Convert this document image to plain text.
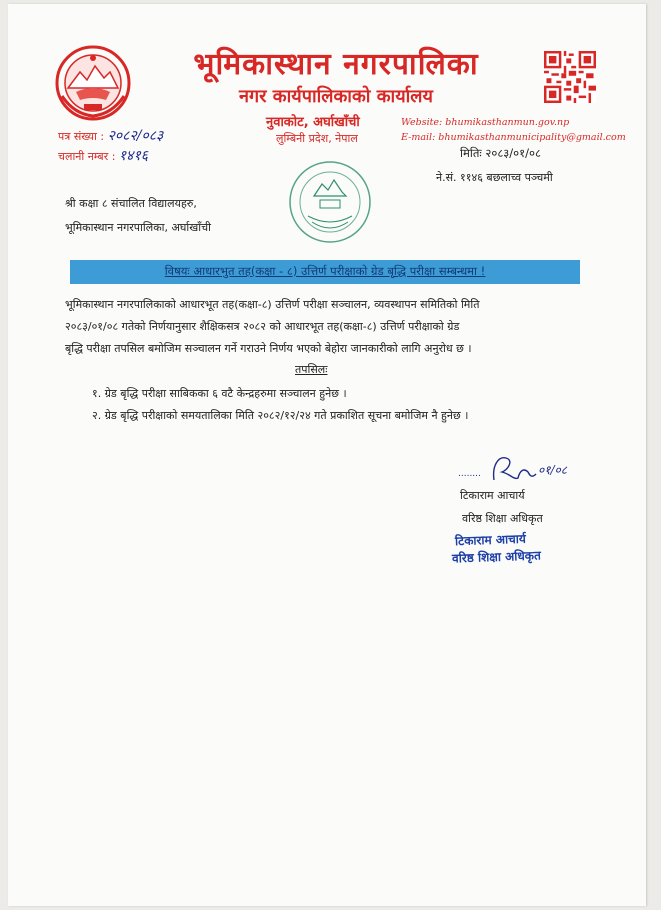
भूमिकास्थान नगरपालिका
नगर कार्यपालिकाको कार्यालय
नुवाकोट, अर्घाखाँची
लुम्बिनी प्रदेश, नेपाल
Website: bhumikasthanmun.gov.np
E-mail: bhumikasthanmunicipality@gmail.com
पत्र संख्या : २०८२/०८३
चलानी नम्बर : १४१६	मितिः २०८३/०१/०८
ने.सं. ११४६ बछलाच्व पञ्चमी
श्री कक्षा ८ संचालित विद्यालयहरु,
भूमिकास्थान नगरपालिका, अर्घाखाँची
विषयः आधारभुत तह(कक्षा - ८) उत्तिर्ण परीक्षाको ग्रेड बृद्धि परीक्षा सम्बन्धमा !
भूमिकास्थान नगरपालिकाको आधारभूत तह(कक्षा-८) उत्तिर्ण परीक्षा सञ्चालन, व्यवस्थापन समितिको मिति
२०८३/०१/०८ गतेको निर्णयानुसार शैक्षिकसत्र २०८२ को आधारभूत तह(कक्षा-८) उत्तिर्ण परीक्षाको ग्रेड
बृद्धि परीक्षा तपसिल बमोजिम सञ्चालन गर्ने गराउने निर्णय भएको बेहोरा जानकारीको लागि अनुरोध छ ।
तपसिलः
१. ग्रेड बृद्धि परीक्षा साबिकका ६ वटै केन्द्रहरुमा सञ्चालन हुनेछ ।
२. ग्रेड बृद्धि परीक्षाको समयतालिका मिति २०८२/१२/२४ गते प्रकाशित सूचना बमोजिम नै हुनेछ ।
........	०१/०८
टिकाराम आचार्य
वरिष्ठ शिक्षा अधिकृत
टिकाराम आचार्य
वरिष्ठ शिक्षा अधिकृत
